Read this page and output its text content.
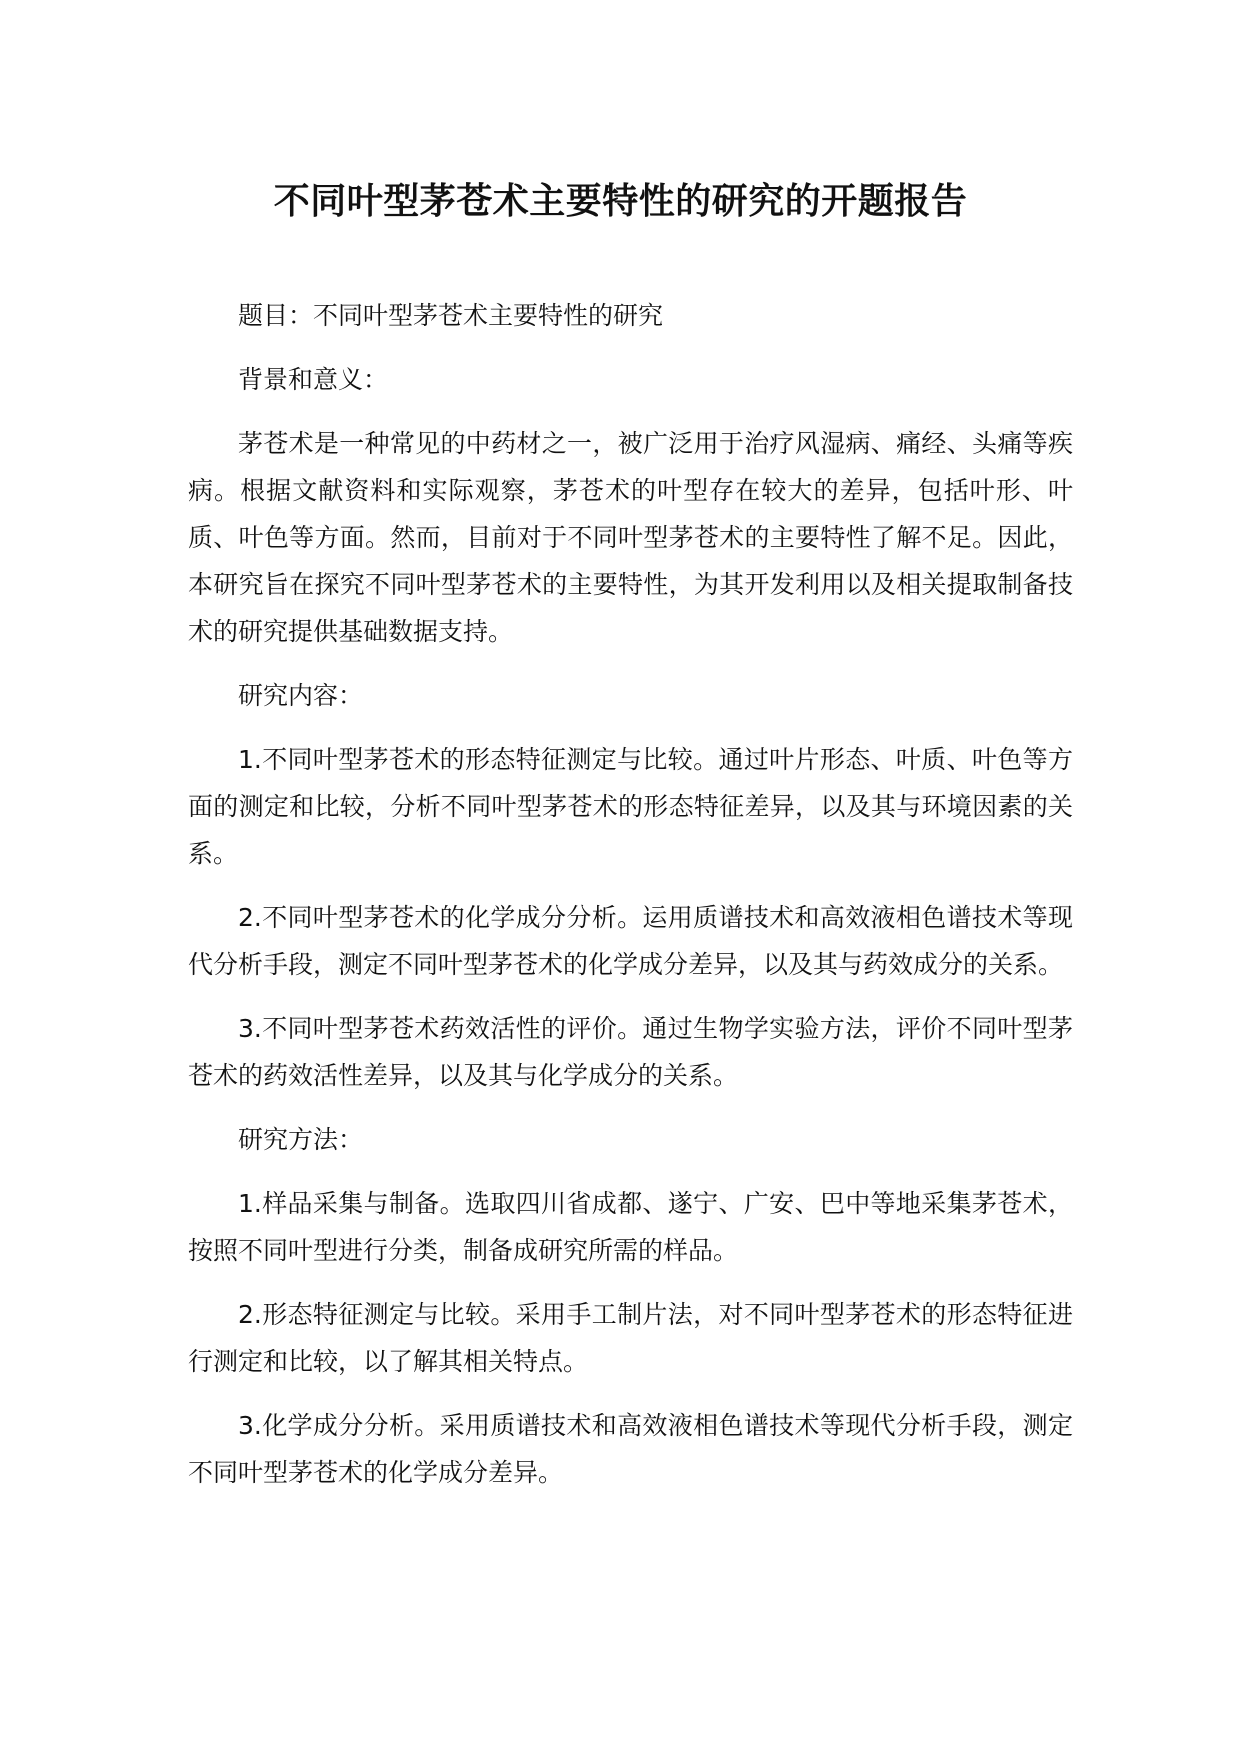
不同叶型茅苍术主要特性的研究的开题报告

题目：不同叶型茅苍术主要特性的研究

背景和意义：

茅苍术是一种常见的中药材之一，被广泛用于治疗风湿病、痛经、头痛等疾病。根据文献资料和实际观察，茅苍术的叶型存在较大的差异，包括叶形、叶质、叶色等方面。然而，目前对于不同叶型茅苍术的主要特性了解不足。因此，本研究旨在探究不同叶型茅苍术的主要特性，为其开发利用以及相关提取制备技术的研究提供基础数据支持。

研究内容：

1.不同叶型茅苍术的形态特征测定与比较。通过叶片形态、叶质、叶色等方面的测定和比较，分析不同叶型茅苍术的形态特征差异，以及其与环境因素的关系。

2.不同叶型茅苍术的化学成分分析。运用质谱技术和高效液相色谱技术等现代分析手段，测定不同叶型茅苍术的化学成分差异，以及其与药效成分的关系。

3.不同叶型茅苍术药效活性的评价。通过生物学实验方法，评价不同叶型茅苍术的药效活性差异，以及其与化学成分的关系。

研究方法：

1.样品采集与制备。选取四川省成都、遂宁、广安、巴中等地采集茅苍术，按照不同叶型进行分类，制备成研究所需的样品。

2.形态特征测定与比较。采用手工制片法，对不同叶型茅苍术的形态特征进行测定和比较，以了解其相关特点。

3.化学成分分析。采用质谱技术和高效液相色谱技术等现代分析手段，测定不同叶型茅苍术的化学成分差异。
